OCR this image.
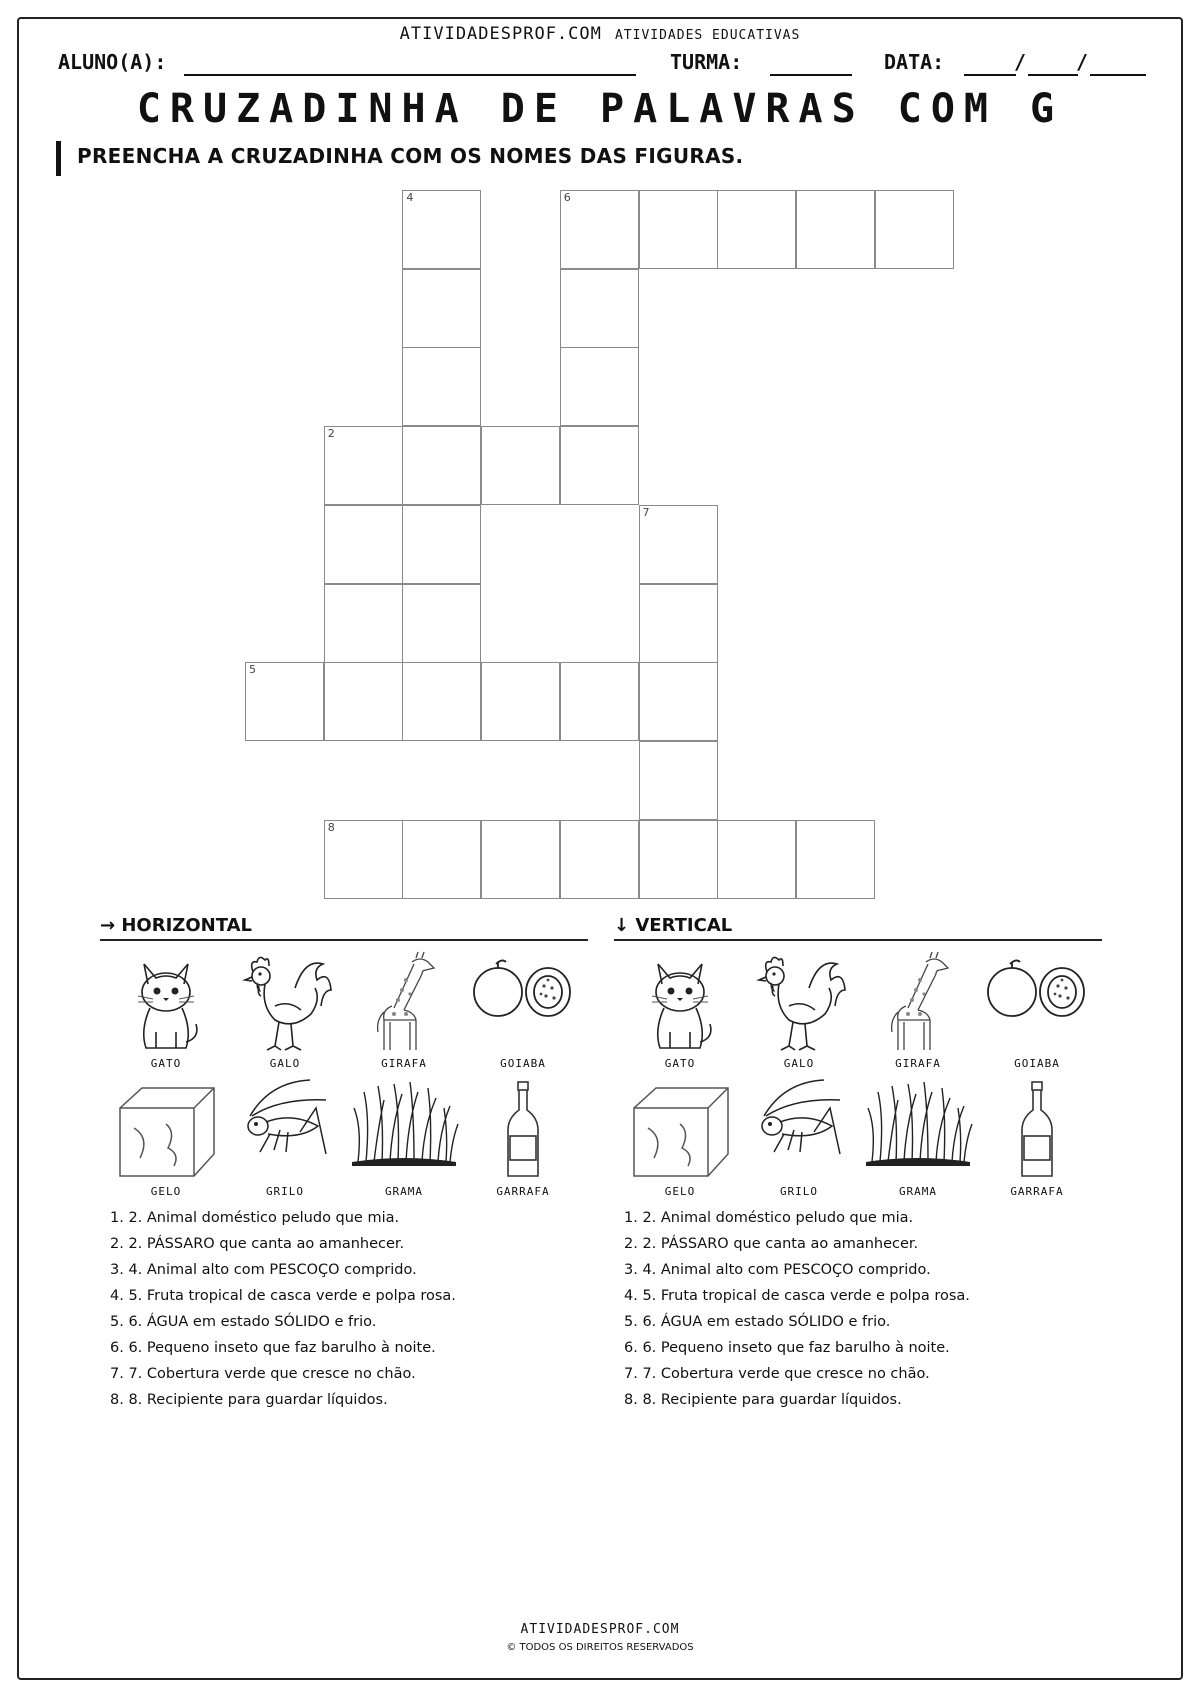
ATIVIDADESPROF.COM ATIVIDADES EDUCATIVAS
ALUNO(A):	TURMA:	DATA:	/ /
CRUZADINHA DE PALAVRAS COM G
PREENCHA A CRUZADINHA COM OS NOMES DAS FIGURAS.
4	6
2
7
5
8
→ HORIZONTAL
GATO	GALO	GIRAFA	GOIABA
GELO	GRILO	GRAMA	GARRAFA
1. 2. Animal doméstico peludo que mia.
2. 2. PÁSSARO que canta ao amanhecer.
3. 4. Animal alto com PESCOÇO comprido.
4. 5. Fruta tropical de casca verde e polpa rosa.
5. 6. ÁGUA em estado SÓLIDO e frio.
6. 6. Pequeno inseto que faz barulho à noite.
7. 7. Cobertura verde que cresce no chão.
8. 8. Recipiente para guardar líquidos.
↓ VERTICAL
GATO	GALO	GIRAFA	GOIABA
GELO	GRILO	GRAMA	GARRAFA
1. 2. Animal doméstico peludo que mia.
2. 2. PÁSSARO que canta ao amanhecer.
3. 4. Animal alto com PESCOÇO comprido.
4. 5. Fruta tropical de casca verde e polpa rosa.
5. 6. ÁGUA em estado SÓLIDO e frio.
6. 6. Pequeno inseto que faz barulho à noite.
7. 7. Cobertura verde que cresce no chão.
8. 8. Recipiente para guardar líquidos.
ATIVIDADESPROF.COM
© TODOS OS DIREITOS RESERVADOS
